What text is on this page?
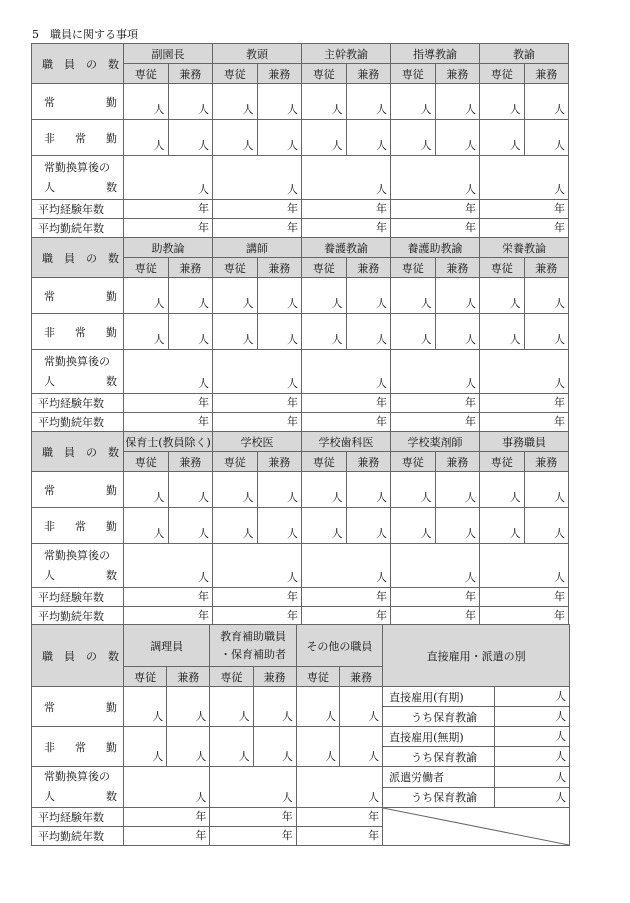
5　職員に関する事項
職　員　の　数	副園長		教頭		主幹教諭		指導教諭		教諭	
	専従	兼務	専従	兼務	専従	兼務	専従	兼務	専従	兼務

常 勤	人	人	人	人	人	人	人	人	人	人

非 常 勤	人	人	人	人	人	人	人	人	人	人

常勤換算後の
人 数	人		人		人		人		人	

平均経験年数	年		年		年		年		年	

平均勤続年数	年		年		年		年		年	
職　員　の　数	助教論		講師		養護教諭		養護助教諭		栄養教論	
	専従	兼務	専従	兼務	専従	兼務	専従	兼務	専従	兼務

常 勤	人	人	人	人	人	人	人	人	人	人

非 常 勤	人	人	人	人	人	人	人	人	人	人

常勤換算後の
人 数	人		人		人		人		人	

平均経験年数	年		年		年		年		年	

平均勤続年数	年		年		年		年		年	
職　員　の　数	保育士(教員除く)		学校医		学校歯科医		学校薬剤師		事務職員	
	専従	兼務	専従	兼務	専従	兼務	専従	兼務	専従	兼務

常 勤	人	人	人	人	人	人	人	人	人	人

非 常 勤	人	人	人	人	人	人	人	人	人	人

常勤換算後の
人 数	人		人		人		人		人	

平均経験年数	年		年		年		年		年	

平均勤続年数	年		年		年		年		年	
職　員　の　数	調理員		教育補助職員
・保育補助者		その他の職員		直接雇用・派遣の別	
	専従	兼務	専従	兼務	専従	兼務		

常 勤	人	人	人	人	人	人	直接雇用(有期)	人

							うち保育教諭	人

非 常 勤	人	人	人	人	人	人	直接雇用(無期)	人

							うち保育教諭	人

常勤換算後の
人 数	人		人		人		派遣労働者	人

							うち保育教諭	人

平均経験年数	年		年		年

平均勤続年数	年		年		年			
